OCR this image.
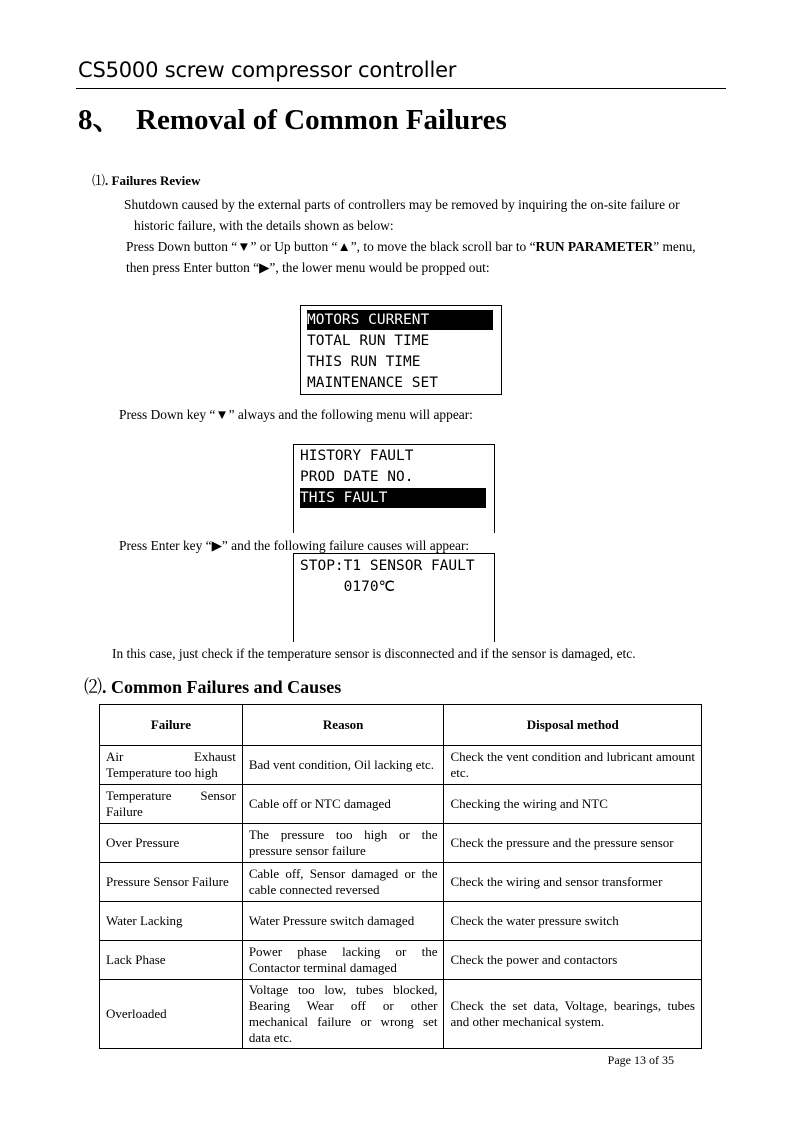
CS5000 screw compressor controller
8、 Removal of Common Failures
⑴. Failures Review
Shutdown caused by the external parts of controllers may be removed by inquiring the on-site failure or
historic failure, with the details shown as below:
Press Down button “▼” or Up button “▲”, to move the black scroll bar to “RUN PARAMETER” menu,
then press Enter button “▶”, the lower menu would be propped out:
MOTORS CURRENT
TOTAL RUN TIME
THIS RUN TIME
MAINTENANCE SET
Press Down key “▼” always and the following menu will appear:
HISTORY FAULT
PROD DATE NO.
THIS FAULT
Press Enter key “▶” and the following failure causes will appear:
STOP:T1 SENSOR FAULT
0170℃
In this case, just check if the temperature sensor is disconnected and if the sensor is damaged, etc.
⑵. Common Failures and Causes
Failure	Reason	Disposal method
Air Exhaust Temperature too high	Bad vent condition, Oil lacking etc.	Check the vent condition and lubricant amount etc.
Temperature Sensor Failure	Cable off or NTC damaged	Checking the wiring and NTC
Over Pressure	The pressure too high or the pressure sensor failure	Check the pressure and the pressure sensor
Pressure Sensor Failure	Cable off, Sensor damaged or the cable connected reversed	Check the wiring and sensor transformer
Water Lacking	Water Pressure switch damaged	Check the water pressure switch
Lack Phase	Power phase lacking or the Contactor terminal damaged	Check the power and contactors
Overloaded	Voltage too low, tubes blocked, Bearing Wear off or other mechanical failure or wrong set data etc.	Check the set data, Voltage, bearings, tubes and other mechanical system.
Page 13 of 35
